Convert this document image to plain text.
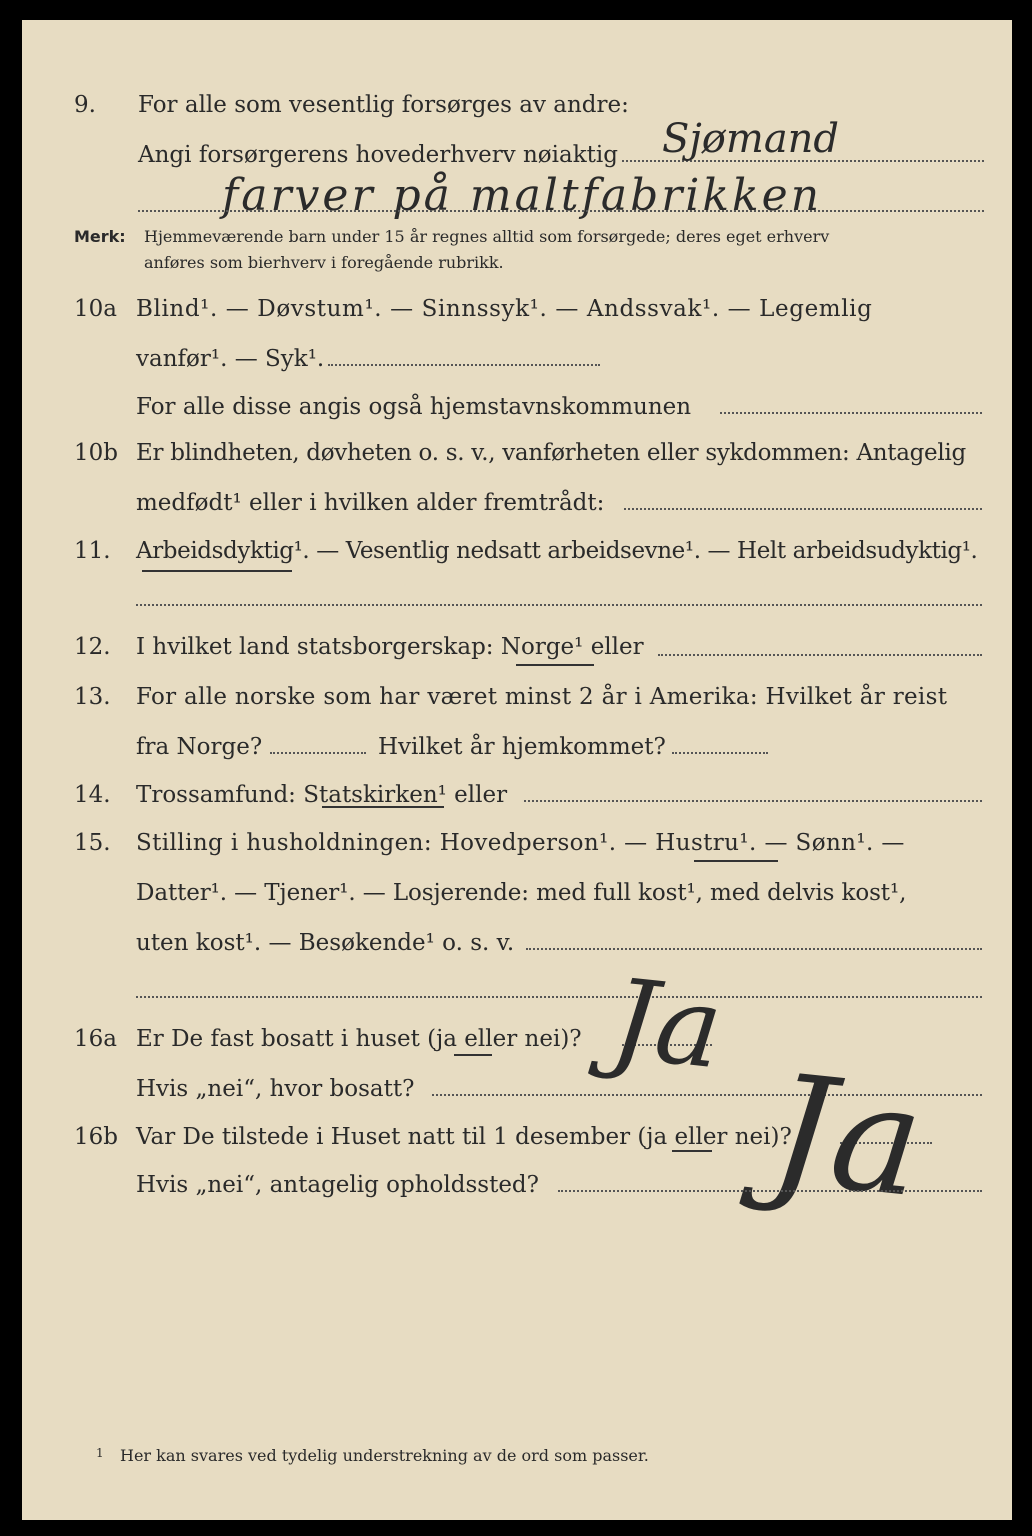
9. For alle som vesentlig forsørges av andre:
Angi forsørgerens hovederhverv nøiaktig Sjømand
farver på maltfabrikken
Merk: Hjemmeværende barn under 15 år regnes alltid som forsørgede; deres eget erhverv
anføres som bierhverv i foregående rubrikk.
10a Blind¹. — Døvstum¹. — Sinnssyk¹. — Andssvak¹. — Legemlig
vanfør¹. — Syk¹.
For alle disse angis også hjemstavnskommunen
10b Er blindheten, døvheten o. s. v., vanførheten eller sykdommen: Antagelig
medfødt¹ eller i hvilken alder fremtrådt:
11. Arbeidsdyktig¹. — Vesentlig nedsatt arbeidsevne¹. — Helt arbeidsudyktig¹.
12. I hvilket land statsborgerskap: Norge¹ eller
13. For alle norske som har været minst 2 år i Amerika: Hvilket år reist
fra Norge?	Hvilket år hjemkommet?
14. Trossamfund: Statskirken¹ eller
15. Stilling i husholdningen: Hovedperson¹. — Hustru¹. — Sønn¹. —
Datter¹. — Tjener¹. — Losjerende: med full kost¹, med delvis kost¹,
uten kost¹. — Besøkende¹ o. s. v.
16a Er De fast bosatt i huset (ja eller nei)? Ja
Hvis „nei“, hvor bosatt?
16b Var De tilstede i Huset natt til 1 desember (ja eller nei)?
Ja
Hvis „nei“, antagelig opholdssted?
1 Her kan svares ved tydelig understrekning av de ord som passer.
